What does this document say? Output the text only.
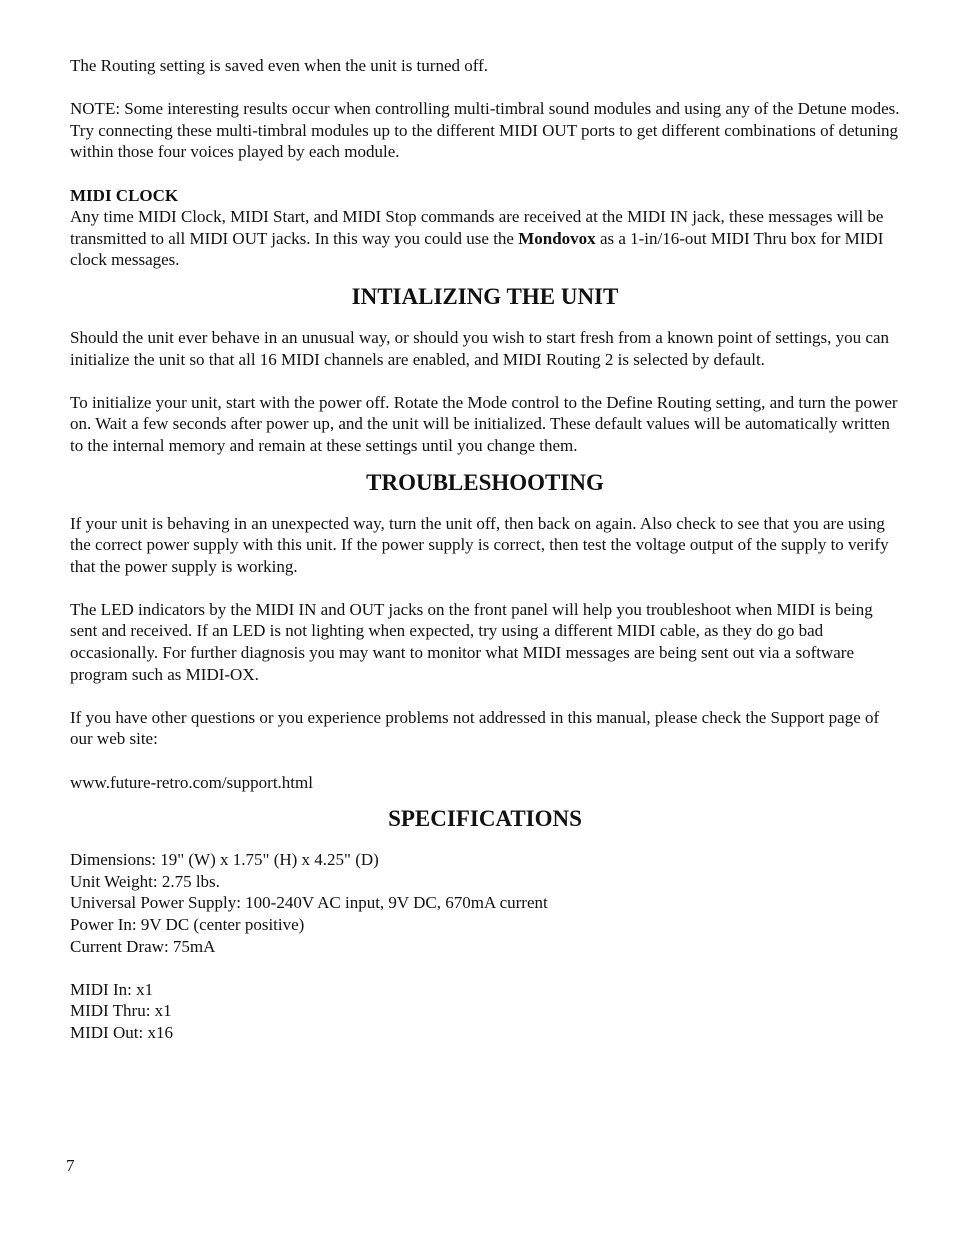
The Routing setting is saved even when the unit is turned off.

NOTE: Some interesting results occur when controlling multi-timbral sound modules and using any of the Detune modes. Try connecting these multi-timbral modules up to the different MIDI OUT ports to get different combinations of detuning within those four voices played by each module.

MIDI CLOCK

Any time MIDI Clock, MIDI Start, and MIDI Stop commands are received at the MIDI IN jack, these messages will be transmitted to all MIDI OUT jacks. In this way you could use the Mondovox as a 1-in/16-out MIDI Thru box for MIDI clock messages.

INTIALIZING THE UNIT

Should the unit ever behave in an unusual way, or should you wish to start fresh from a known point of settings, you can initialize the unit so that all 16 MIDI channels are enabled, and MIDI Routing 2 is selected by default.

To initialize your unit, start with the power off. Rotate the Mode control to the Define Routing setting, and turn the power on. Wait a few seconds after power up, and the unit will be initialized. These default values will be automatically written to the internal memory and remain at these settings until you change them.

TROUBLESHOOTING

If your unit is behaving in an unexpected way, turn the unit off, then back on again. Also check to see that you are using the correct power supply with this unit. If the power supply is correct, then test the voltage output of the supply to verify that the power supply is working.

The LED indicators by the MIDI IN and OUT jacks on the front panel will help you troubleshoot when MIDI is being sent and received. If an LED is not lighting when expected, try using a different MIDI cable, as they do go bad occasionally. For further diagnosis you may want to monitor what MIDI messages are being sent out via a software program such as MIDI-OX.

If you have other questions or you experience problems not addressed in this manual, please check the Support page of our web site:

www.future-retro.com/support.html

SPECIFICATIONS

Dimensions: 19" (W) x 1.75" (H) x 4.25" (D)

Unit Weight: 2.75 lbs.

Universal Power Supply: 100-240V AC input, 9V DC, 670mA current

Power In: 9V DC (center positive)

Current Draw: 75mA

MIDI In: x1

MIDI Thru: x1

MIDI Out: x16

7
